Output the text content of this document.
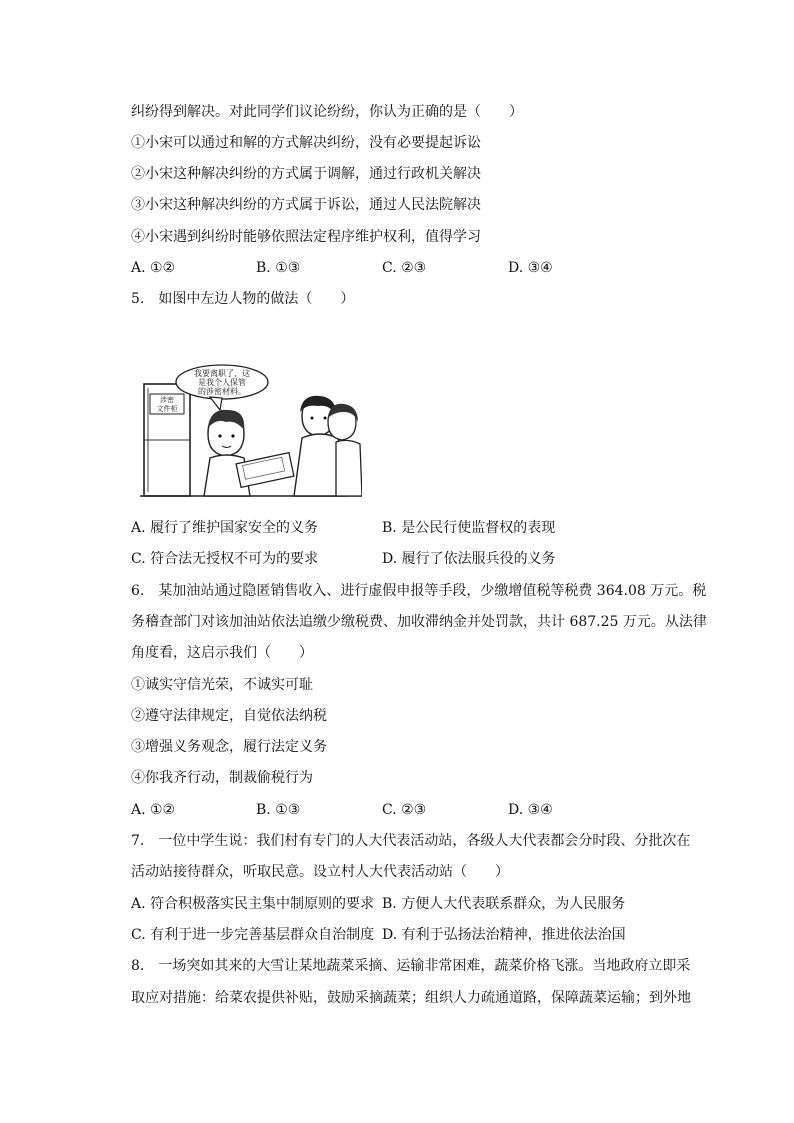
纠纷得到解决。对此同学们议论纷纷，你认为正确的是（　　）
①小宋可以通过和解的方式解决纠纷，没有必要提起诉讼
②小宋这种解决纠纷的方式属于调解，通过行政机关解决
③小宋这种解决纠纷的方式属于诉讼，通过人民法院解决
④小宋遇到纠纷时能够依照法定程序维护权利，值得学习
A. ①②	B. ①③	C. ②③	D. ③④
5.　如图中左边人物的做法（　　）
涉密
文件柜
我要离职了，这
是我个人保管
的涉密材料。
A. 履行了维护国家安全的义务	B. 是公民行使监督权的表现
C. 符合法无授权不可为的要求	D. 履行了依法服兵役的义务
6.　某加油站通过隐匿销售收入、进行虚假申报等手段，少缴增值税等税费 364.08 万元。税
务稽查部门对该加油站依法追缴少缴税费、加收滞纳金并处罚款，共计 687.25 万元。从法律
角度看，这启示我们（　　）
①诚实守信光荣，不诚实可耻
②遵守法律规定，自觉依法纳税
③增强义务观念，履行法定义务
④你我齐行动，制裁偷税行为
A. ①②	B. ①③	C. ②③	D. ③④
7.　一位中学生说：我们村有专门的人大代表活动站，各级人大代表都会分时段、分批次在
活动站接待群众，听取民意。设立村人大代表活动站（　　）
A. 符合积极落实民主集中制原则的要求 B. 方便人大代表联系群众，为人民服务
C. 有利于进一步完善基层群众自治制度 D. 有利于弘扬法治精神，推进依法治国
8.　一场突如其来的大雪让某地蔬菜采摘、运输非常困难，蔬菜价格飞涨。当地政府立即采
取应对措施：给菜农提供补贴，鼓励采摘蔬菜；组织人力疏通道路，保障蔬菜运输；到外地
